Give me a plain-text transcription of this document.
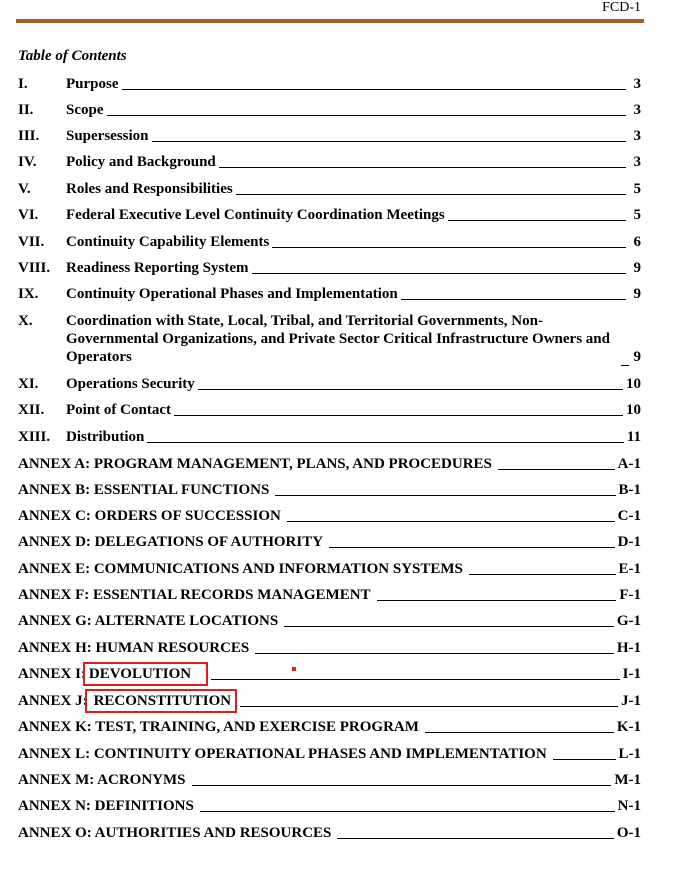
FCD-1
Table of Contents
I.	Purpose	3
II.	Scope	3
III.	Supersession	3
IV.	Policy and Background	3
V.	Roles and Responsibilities	5
VI.	Federal Executive Level Continuity Coordination Meetings	5
VII.	Continuity Capability Elements	6
VIII.	Readiness Reporting System	9
IX.	Continuity Operational Phases and Implementation	9
X.	Coordination with State, Local, Tribal, and Territorial Governments, Non-Governmental Organizations, and Private Sector Critical Infrastructure Owners and Operators	9
XI.	Operations Security	10
XII.	Point of Contact	10
XIII.	Distribution	11
ANNEX A: PROGRAM MANAGEMENT, PLANS, AND PROCEDURES	A-1
ANNEX B: ESSENTIAL FUNCTIONS	B-1
ANNEX C: ORDERS OF SUCCESSION	C-1
ANNEX D: DELEGATIONS OF AUTHORITY	D-1
ANNEX E: COMMUNICATIONS AND INFORMATION SYSTEMS	E-1
ANNEX F: ESSENTIAL RECORDS MANAGEMENT	F-1
ANNEX G: ALTERNATE LOCATIONS	G-1
ANNEX H: HUMAN RESOURCES	H-1
ANNEX I: DEVOLUTION	I-1
ANNEX J: RECONSTITUTION	J-1
ANNEX K: TEST, TRAINING, AND EXERCISE PROGRAM	K-1
ANNEX L: CONTINUITY OPERATIONAL PHASES AND IMPLEMENTATION	L-1
ANNEX M: ACRONYMS	M-1
ANNEX N: DEFINITIONS	N-1
ANNEX O: AUTHORITIES AND RESOURCES	O-1
